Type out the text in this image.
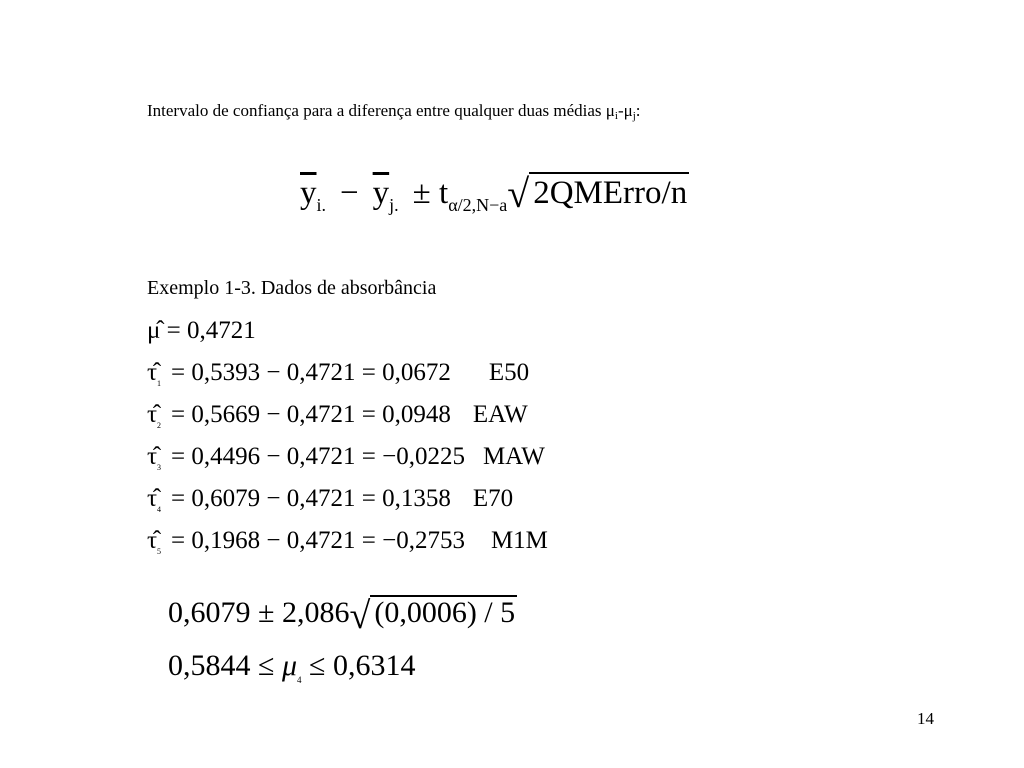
Intervalo de confiança para a diferença entre qualquer duas médias $\mu_i-\mu_j$:
$\overline{y}_{i.} - \overline{y}_{j.} \pm t_{\alpha/2,N-a}√$ 2QMErro/n
Exemplo 1-3. Dados de absorbância
μ̂ = 0,4721
$\taû_1 = 0,5393 - 0,4721 = 0,0672$ E50
$\taû_2 = 0,5669 - 0,4721 = 0,0948$ EAW
$\taû_3 = 0,4496 - 0,4721 = -0,0225$ MAW
$\taû_4 = 0,6079 - 0,4721 = 0,1358$ E70
$\taû_5 = 0,1968 - 0,4721 = -0,2753$ M1M
0,6079 ± 2,086√ (0,0006) / 5
$0,5844 \le \mu_4 \le 0,6314$
14
